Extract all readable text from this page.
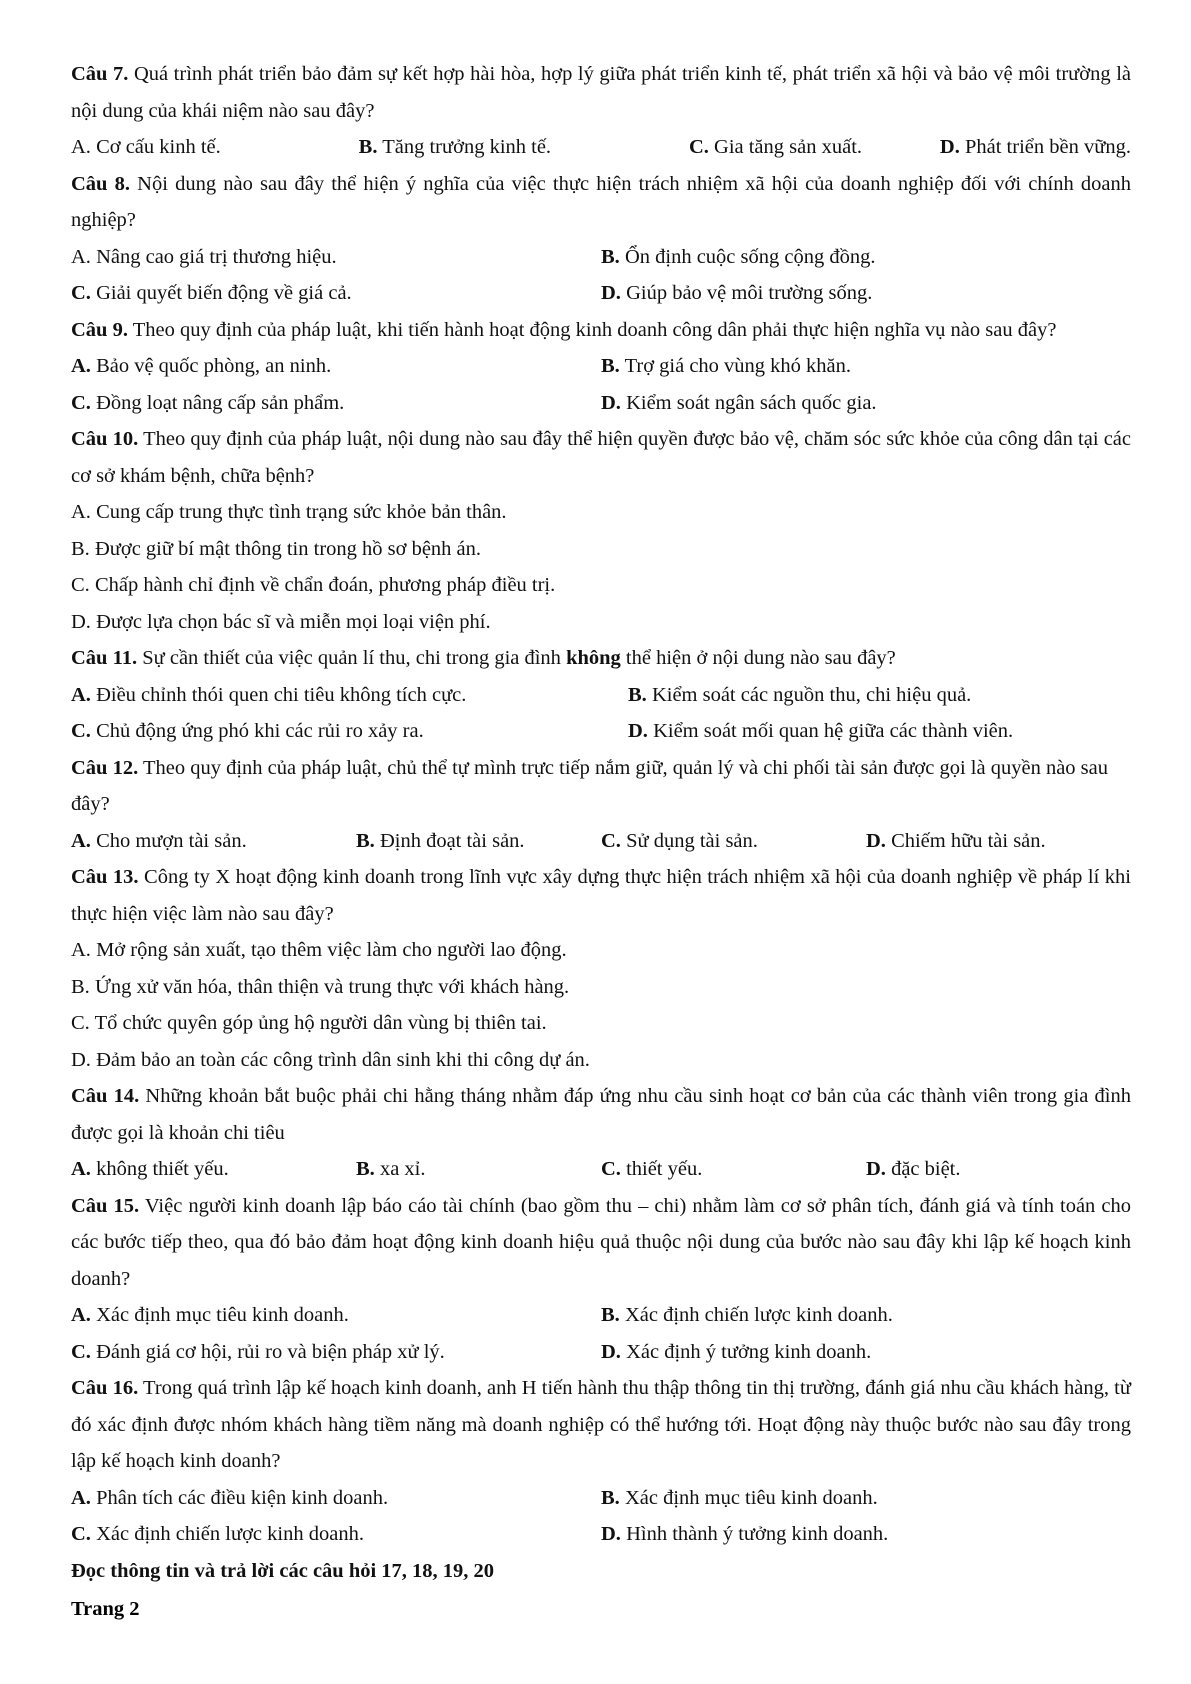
Câu 7. Quá trình phát triển bảo đảm sự kết hợp hài hòa, hợp lý giữa phát triển kinh tế, phát triển xã hội và bảo vệ môi trường là nội dung của khái niệm nào sau đây?

A. Cơ cấu kinh tế.	B. Tăng trưởng kinh tế.	C. Gia tăng sản xuất.	D. Phát triển bền vững.

Câu 8. Nội dung nào sau đây thể hiện ý nghĩa của việc thực hiện trách nhiệm xã hội của doanh nghiệp đối với chính doanh nghiệp?

A. Nâng cao giá trị thương hiệu.	B. Ổn định cuộc sống cộng đồng.
C. Giải quyết biến động về giá cả.	D. Giúp bảo vệ môi trường sống.

Câu 9. Theo quy định của pháp luật, khi tiến hành hoạt động kinh doanh công dân phải thực hiện nghĩa vụ nào sau đây?

A. Bảo vệ quốc phòng, an ninh.	B. Trợ giá cho vùng khó khăn.
C. Đồng loạt nâng cấp sản phẩm.	D. Kiểm soát ngân sách quốc gia.

Câu 10. Theo quy định của pháp luật, nội dung nào sau đây thể hiện quyền được bảo vệ, chăm sóc sức khỏe của công dân tại các cơ sở khám bệnh, chữa bệnh?

A. Cung cấp trung thực tình trạng sức khỏe bản thân.
B. Được giữ bí mật thông tin trong hồ sơ bệnh án.
C. Chấp hành chỉ định về chẩn đoán, phương pháp điều trị.
D. Được lựa chọn bác sĩ và miễn mọi loại viện phí.

Câu 11. Sự cần thiết của việc quản lí thu, chi trong gia đình không thể hiện ở nội dung nào sau đây?

A. Điều chỉnh thói quen chi tiêu không tích cực.	B. Kiểm soát các nguồn thu, chi hiệu quả.
C. Chủ động ứng phó khi các rủi ro xảy ra.	D. Kiểm soát mối quan hệ giữa các thành viên.

Câu 12. Theo quy định của pháp luật, chủ thể tự mình trực tiếp nắm giữ, quản lý và chi phối tài sản được gọi là quyền nào sau đây?

A. Cho mượn tài sản.	B. Định đoạt tài sản.	C. Sử dụng tài sản.	D. Chiếm hữu tài sản.

Câu 13. Công ty X hoạt động kinh doanh trong lĩnh vực xây dựng thực hiện trách nhiệm xã hội của doanh nghiệp về pháp lí khi thực hiện việc làm nào sau đây?

A. Mở rộng sản xuất, tạo thêm việc làm cho người lao động.
B. Ứng xử văn hóa, thân thiện và trung thực với khách hàng.
C. Tổ chức quyên góp ủng hộ người dân vùng bị thiên tai.
D. Đảm bảo an toàn các công trình dân sinh khi thi công dự án.

Câu 14. Những khoản bắt buộc phải chi hằng tháng nhằm đáp ứng nhu cầu sinh hoạt cơ bản của các thành viên trong gia đình được gọi là khoản chi tiêu

A. không thiết yếu.	B. xa xỉ.	C. thiết yếu.	D. đặc biệt.

Câu 15. Việc người kinh doanh lập báo cáo tài chính (bao gồm thu – chi) nhằm làm cơ sở phân tích, đánh giá và tính toán cho các bước tiếp theo, qua đó bảo đảm hoạt động kinh doanh hiệu quả thuộc nội dung của bước nào sau đây khi lập kế hoạch kinh doanh?

A. Xác định mục tiêu kinh doanh.	B. Xác định chiến lược kinh doanh.
C. Đánh giá cơ hội, rủi ro và biện pháp xử lý.	D. Xác định ý tưởng kinh doanh.

Câu 16. Trong quá trình lập kế hoạch kinh doanh, anh H tiến hành thu thập thông tin thị trường, đánh giá nhu cầu khách hàng, từ đó xác định được nhóm khách hàng tiềm năng mà doanh nghiệp có thể hướng tới. Hoạt động này thuộc bước nào sau đây trong lập kế hoạch kinh doanh?

A. Phân tích các điều kiện kinh doanh.	B. Xác định mục tiêu kinh doanh.
C. Xác định chiến lược kinh doanh.	D. Hình thành ý tưởng kinh doanh.

Đọc thông tin và trả lời các câu hỏi 17, 18, 19, 20

Trang 2
